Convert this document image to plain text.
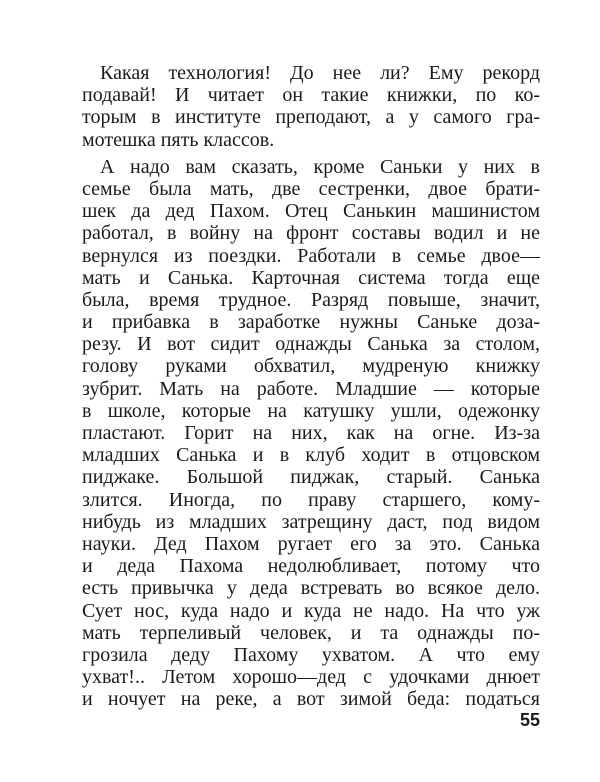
Какая технология! До нее ли? Ему рекорд
подавай! И читает он такие книжки, по ко-
торым в институте преподают, а у самого гра-
мотешка пять классов.
А надо вам сказать, кроме Саньки у них в
семье была мать, две сестренки, двое брати-
шек да дед Пахом. Отец Санькин машинистом
работал, в войну на фронт составы водил и не
вернулся из поездки. Работали в семье двое—
мать и Санька. Карточная система тогда еще
была, время трудное. Разряд повыше, значит,
и прибавка в заработке нужны Саньке доза-
резу. И вот сидит однажды Санька за столом,
голову руками обхватил, мудреную книжку
зубрит. Мать на работе. Младшие — которые
в школе, которые на катушку ушли, одежонку
пластают. Горит на них, как на огне. Из-за
младших Санька и в клуб ходит в отцовском
пиджаке. Большой пиджак, старый. Санька
злится. Иногда, по праву старшего, кому-
нибудь из младших затрещину даст, под видом
науки. Дед Пахом ругает его за это. Санька
и деда Пахома недолюбливает, потому что
есть привычка у деда встревать во всякое дело.
Сует нос, куда надо и куда не надо. На что уж
мать терпеливый человек, и та однажды по-
грозила деду Пахому ухватом. А что ему
ухват!.. Летом хорошо—дед с удочками днюет
и ночует на реке, а вот зимой беда: податься
55
